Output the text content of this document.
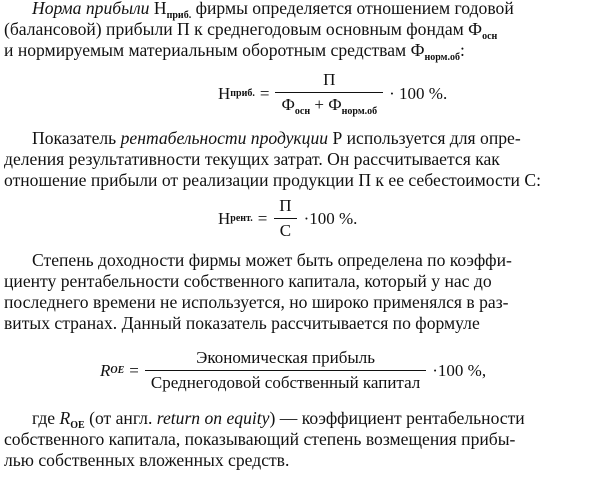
Норма прибыли $Н_{приб.}$ фирмы определяется отношением годовой
(балансовой) прибыли П к среднегодовым основным фондам $Ф_{осн}$
и нормируемым материальным оборотным средствам $Ф_{норм.об}$:
Н приб. = $\frac{П}{Ф_{осн} + Ф_{норм.об}} \cdot 100$ %.
Показатель рентабельности продукции Р используется для опре-
деления результативности текущих затрат. Он рассчитывается как
отношение прибыли от реализации продукции П к ее себестоимости С:
Н рент. = $\frac{П}{С} \cdot 100$ %.
Степень доходности фирмы может быть определена по коэффи-
циенту рентабельности собственного капитала, который у нас до
последнего времени не используется, но широко применялся в раз-
витых странах. Данный показатель рассчитывается по формуле
R OE = $\frac{\text{Экономическая прибыль}}{\text{Среднегодовой собственный капитал}} \cdot 100$ %,
где $R_{OE}$ (от англ. return on equity) — коэффициент рентабельности
собственного капитала, показывающий степень возмещения прибы-
лью собственных вложенных средств.
